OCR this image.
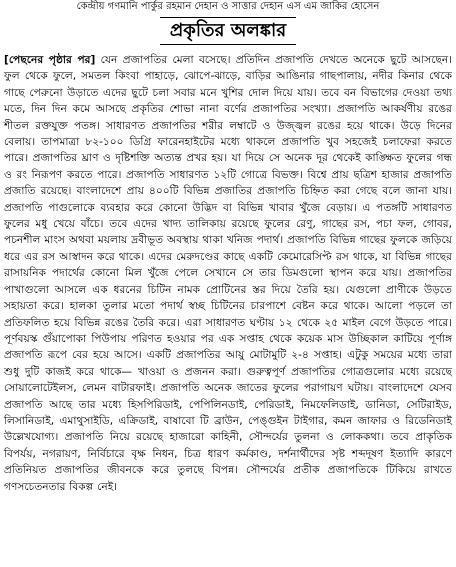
কেন্দ্রীয় গণমানি পার্কুর রহমান দেহান ও সাত্তার দেহান এস এম জাকির হোসেন
প্রকৃতির অলঙ্কার
[পেছনের পৃষ্ঠার পর] যেন প্রজাপতির মেলা বসেছে। প্রতিদিন প্রজাপতি দেখতে অনেকে ছুটে আসছেন। ফুল থেকে ফুলে, সমতল কিংবা পাহাড়ে, ঝোপে-ঝাড়ে, বাড়ির আঙিনার গাছপালায়, নদীর কিনার থেকে গাছে পেরুনো উড়াতে এদের ছুটে চলা সবার মনে খুশির দোল দিয়ে যায়। তবে বন বিভাগের দেওয়া তথ্য মতে, দিন দিন কমে আসছে প্রকৃতির শোভা নানা বর্ণের প্রজাপতির সংখ্যা। প্রজাপতি আকর্ষণীয় রঙের শীতল রক্তযুক্ত পতঙ্গ। সাধারণত প্রজাপতির শরীর লম্বাটে ও উজ্জ্বল রঙের হয়ে থাকে। উড়ে দিনের বেলায়। তাপমাত্রা ৮২-১০০ ডিগ্রি ফারেনহাইটের মধ্যে থাকলে প্রজাপতি খুব সহজেই চলাফেরা করতে পারে। প্রজাপতির ঘ্রাণ ও দৃষ্টিশক্তি অত্যন্ত প্রখর হয়। যা দিয়ে সে অনেক দূর থেকেই কাঙ্ক্ষিত ফুলের গন্ধ ও রং নিরূপণ করতে পারে। প্রজাপতি সাধারণত ১২টি গোত্রে বিভক্ত। বিশ্বে প্রায় ছত্রিশ হাজার প্রজাপতি প্রজাতি রয়েছে। বাংলাদেশে প্রায় ৪০০টি বিভিন্ন প্রজাতির প্রজাপতি চিহ্নিত করা গেছে বলে জানা যায়। প্রজাপতি পাগুলোকে ব্যবহার করে কোনো উদ্ভিদ বা বিভিন্ন খাবার খুঁজে বেড়ায়। এ পতঙ্গটি সাধারণত ফুলের মধু খেয়ে বাঁচে। তবে এদের খাদ্য তালিকায় রয়েছে ফুলের রেণু, গাছের রস, পচা ফল, গোবর, পচনশীল মাংস অথবা ময়লায় দ্রবীভূত অবস্থায় থাকা খনিজ পদার্থ। প্রজাপতি বিভিন্ন গাছের ফুলকে জড়িয়ে ধরে এর রস আস্বাদন করে থাকে। এদের মেরুদণ্ডের কাছে একটি কেমোরেসিপ্ট রস থাকে, যা বিভিন্ন গাছের রাসায়নিক পদার্থের কোনো মিল খুঁজে পেলে সেখানে সে তার ডিমগুলো স্থাপন করে যায়। প্রজাপতির পাখাগুলো আসলে এক ধরনের চিটিন নামক প্রোটিনের স্তর দিয়ে তৈরি হয়। যেগুলো প্রাণীকে উড়তে সহায়তা করে। হালকা তুলার মতো পদার্থ স্বচ্ছ চিটিনের চারপাশে বেষ্টন করে থাকে। আলো পড়লে তা প্রতিফলিত হয়ে বিভিন্ন রঙের তৈরি করে। এরা সাধারণত ঘণ্টায় ১২ থেকে ২৫ মাইল বেগে উড়তে পারে। পূর্ণবয়স্ক গুঁয়াপোকা পিউপায় পরিণত হওয়ার পর এক সপ্তাহ থেকে কয়েক মাস উচ্ছিকাল কাটিয়ে পূর্ণাঙ্গ প্রজাপতি রূপে বের হয়ে আসে। একটি প্রজাপতির আয়ু মোটামুটি ২-৪ সপ্তাহ। এটুকু সময়ের মধ্যে তারা শুধু দুটি কাজই করে থাকে— খাওয়া ও প্রজনন করা। গুরুত্বপূর্ণ প্রজাপতির গোত্রগুলোর মধ্যে রয়েছে সোয়ালোটেইলস, লেমন বাটারফাই। প্রজাপতি অনেক জাতের ফুলের পরাগায়ণ ঘটায়। বাংলাদেশে যেসব প্রজাপতি আছে তার মধ্যে হিসপিরিডাই, পেপিলিনডাই, পেরিডাই, নিমফেলিডাই, ডানিডা, সেটিরাইড, লিসানিডাই, এমাথুসাইডি, এক্রিডাই, বাষাবো টি ব্রাউন, পেঙ্গুইন টাইগার, কমন জাফার ও রিডেনিডাই উল্লেখযোগ্য। প্রজাপতি নিয়ে রয়েছে হাজারো কাহিনী, সৌন্দর্যের তুলনা ও লোককথা। তবে প্রাকৃতিক বিপর্যয়, নগরায়ণ, নির্বিচারে বৃক্ষ নিধন, চিত্র ধারণ কর্মকাণ্ড, দর্শনার্থীদের সৃষ্ট শব্দদূষণ ইত্যাদি কারণে প্রতিনিয়ত প্রজাপতির জীবনকে করে তুলছে বিপন্ন। সৌন্দর্যের প্রতীক প্রজাপতিকে টিকিয়ে রাখতে গণসচেতনতার বিকল্প নেই।
